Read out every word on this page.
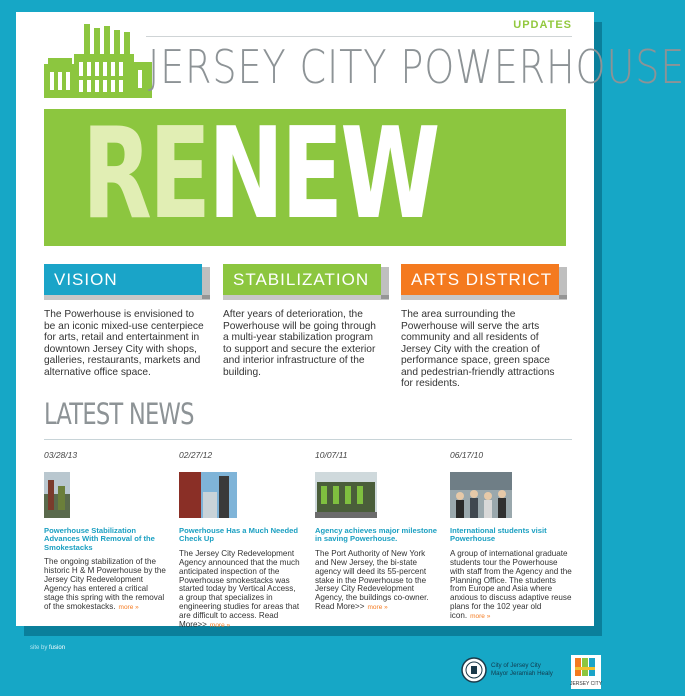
UPDATES
JERSEY CITY POWERHOUSE
RENEW
VISION
The Powerhouse is envisioned to be an iconic mixed-use centerpiece for arts, retail and entertainment in downtown Jersey City with shops, galleries, restaurants, markets and alternative office space.
STABILIZATION
After years of deterioration, the Powerhouse will be going through a multi-year stabilization program to support and secure the exterior and interior infrastructure of the building.
ARTS DISTRICT
The area surrounding the Powerhouse will serve the arts community and all residents of Jersey City with the creation of performance space, green space and pedestrian-friendly attractions for residents.
LATEST NEWS
03/28/13
Powerhouse Stabilization Advances With Removal of the Smokestacks
The ongoing stabilization of the historic H & M Powerhouse by the Jersey City Redevelopment Agency has entered a critical stage this spring with the removal of the smokestacks. more »
02/27/12
Powerhouse Has a Much Needed Check Up
The Jersey City Redevelopment Agency announced that the much anticipated inspection of the Powerhouse smokestacks was started today by Vertical Access, a group that specializes in engineering studies for areas that are difficult to access. Read More>> more »
10/07/11
Agency achieves major milestone in saving Powerhouse.
The Port Authority of New York and New Jersey, the bi-state agency will deed its 55-percent stake in the Powerhouse to the Jersey City Redevelopment Agency, the buildings co-owner. Read More>> more »
06/17/10
International students visit Powerhouse
A group of international graduate students tour the Powerhouse with staff from the Agency and the Planning Office. The students from Europe and Asia where anxious to discuss adaptive reuse plans for the 102 year old icon. more »
site by fusion
City of Jersey City
Mayor Jeramiah Healy
JERSEY CITY
